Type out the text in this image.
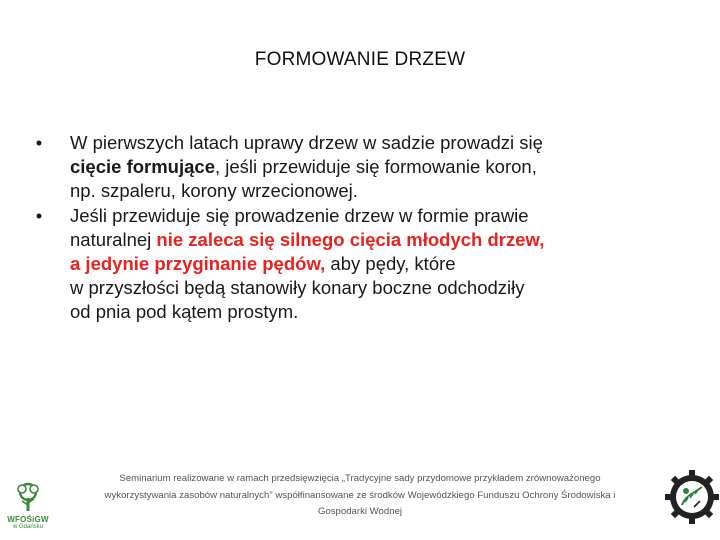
FORMOWANIE DRZEW
•	W pierwszych latach uprawy drzew w sadzie prowadzi się
cięcie formujące, jeśli przewiduje się formowanie koron,
np. szpaleru, korony wrzecionowej.
•	Jeśli przewiduje się prowadzenie drzew w formie prawie
naturalnej nie zaleca się silnego cięcia młodych drzew,
a jedynie przyginanie pędów, aby pędy, które
w przyszłości będą stanowiły konary boczne odchodziły
od pnia pod kątem prostym.
WFOŚiGW
w Gdańsku
Seminarium realizowane w ramach przedsięwzięcia „Tradycyjne sady przydomowe przykładem zrównoważonego
wykorzystywania zasobów naturalnych" współfinansowane ze środków Wojewódzkiego Funduszu Ochrony Środowiska i
Gospodarki Wodnej
